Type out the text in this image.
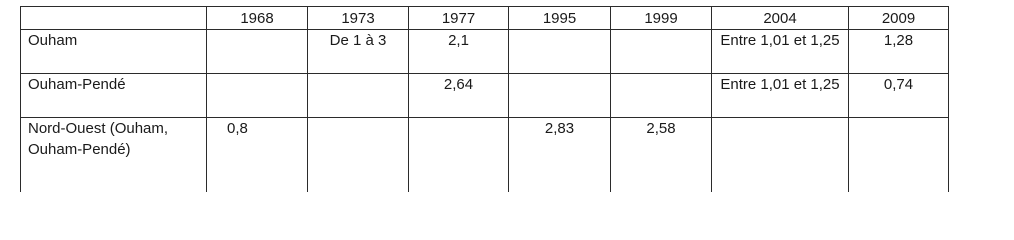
	1968	1973	1977	1995	1999	2004	2009
Ouham		De 1 à 3	2,1			Entre 1,01 et 1,25	1,28
Ouham-Pendé			2,64			Entre 1,01 et 1,25	0,74
Nord-Ouest (Ouham, Ouham-Pendé)	0,8			2,83	2,58		
